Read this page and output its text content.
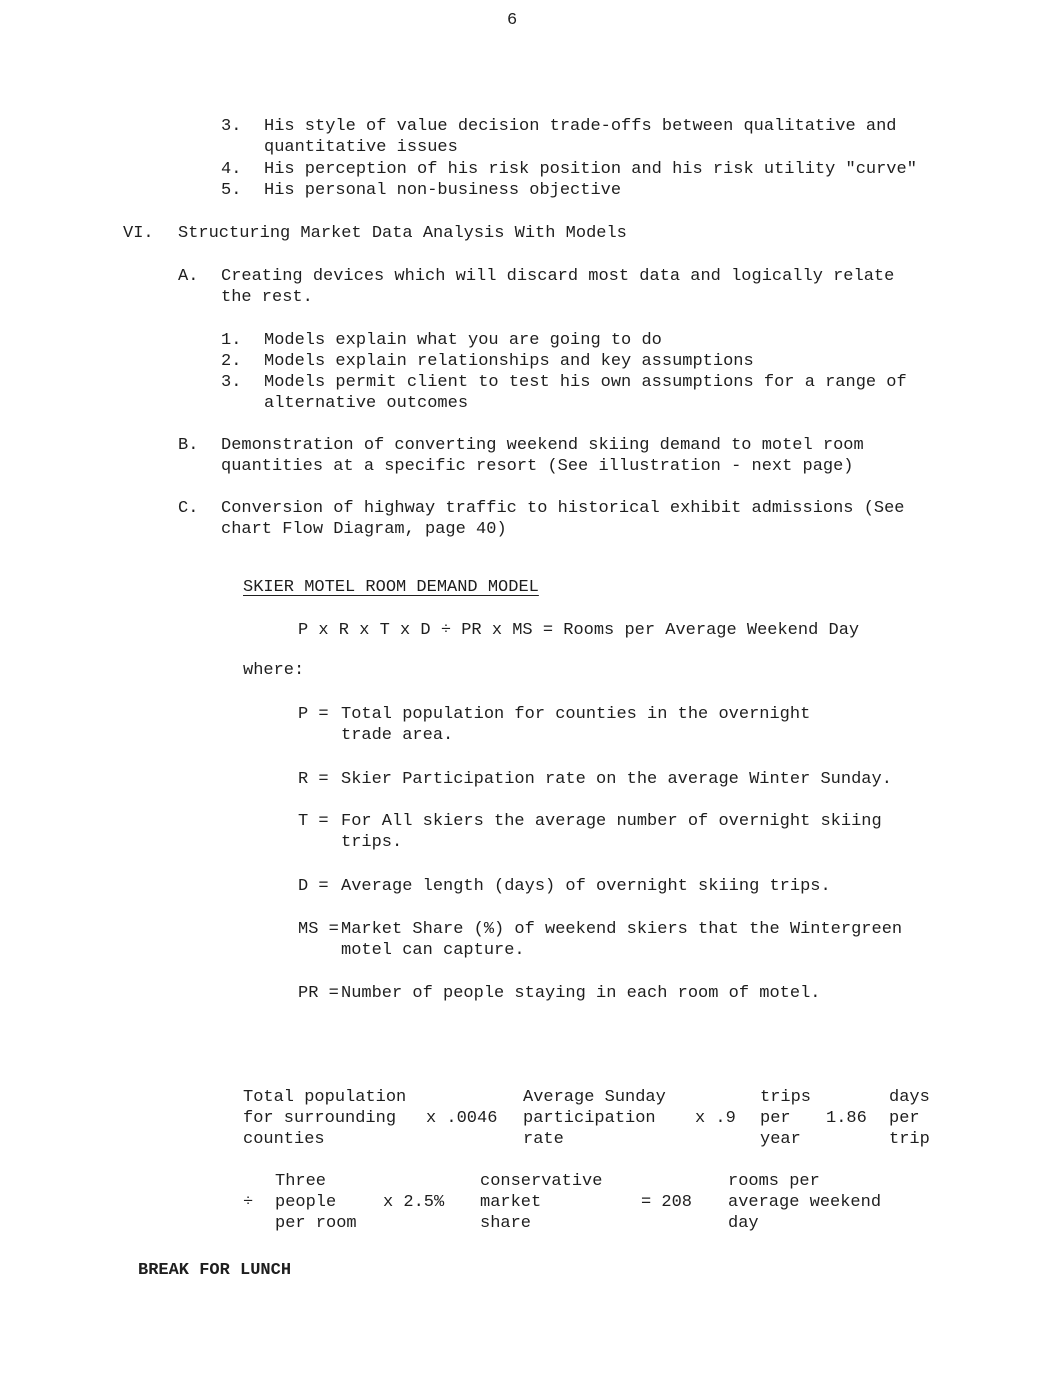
6
3. His style of value decision trade-offs between qualitative and
quantitative issues
4. His perception of his risk position and his risk utility "curve"
5. His personal non-business objective
VI. Structuring Market Data Analysis With Models
A. Creating devices which will discard most data and logically relate
the rest.
1. Models explain what you are going to do
2. Models explain relationships and key assumptions
3. Models permit client to test his own assumptions for a range of
alternative outcomes
B. Demonstration of converting weekend skiing demand to motel room
quantities at a specific resort (See illustration - next page)
C. Conversion of highway traffic to historical exhibit admissions (See
chart Flow Diagram, page 40)
SKIER MOTEL ROOM DEMAND MODEL
P x R x T x D ÷ PR x MS = Rooms per Average Weekend Day
where:
P = Total population for counties in the overnight
trade area.
R = Skier Participation rate on the average Winter Sunday.
T = For All skiers the average number of overnight skiing
trips.
D = Average length (days) of overnight skiing trips.
MS = Market Share (%) of weekend skiers that the Wintergreen
motel can capture.
PR = Number of people staying in each room of motel.
Total population
for surrounding
counties
x .0046
Average Sunday
participation
rate
x .9
trips
per
year
1.86
days
per
trip
÷
Three
people
per room
x 2.5%
conservative
market
share
= 208
rooms per
average weekend
day
BREAK FOR LUNCH
